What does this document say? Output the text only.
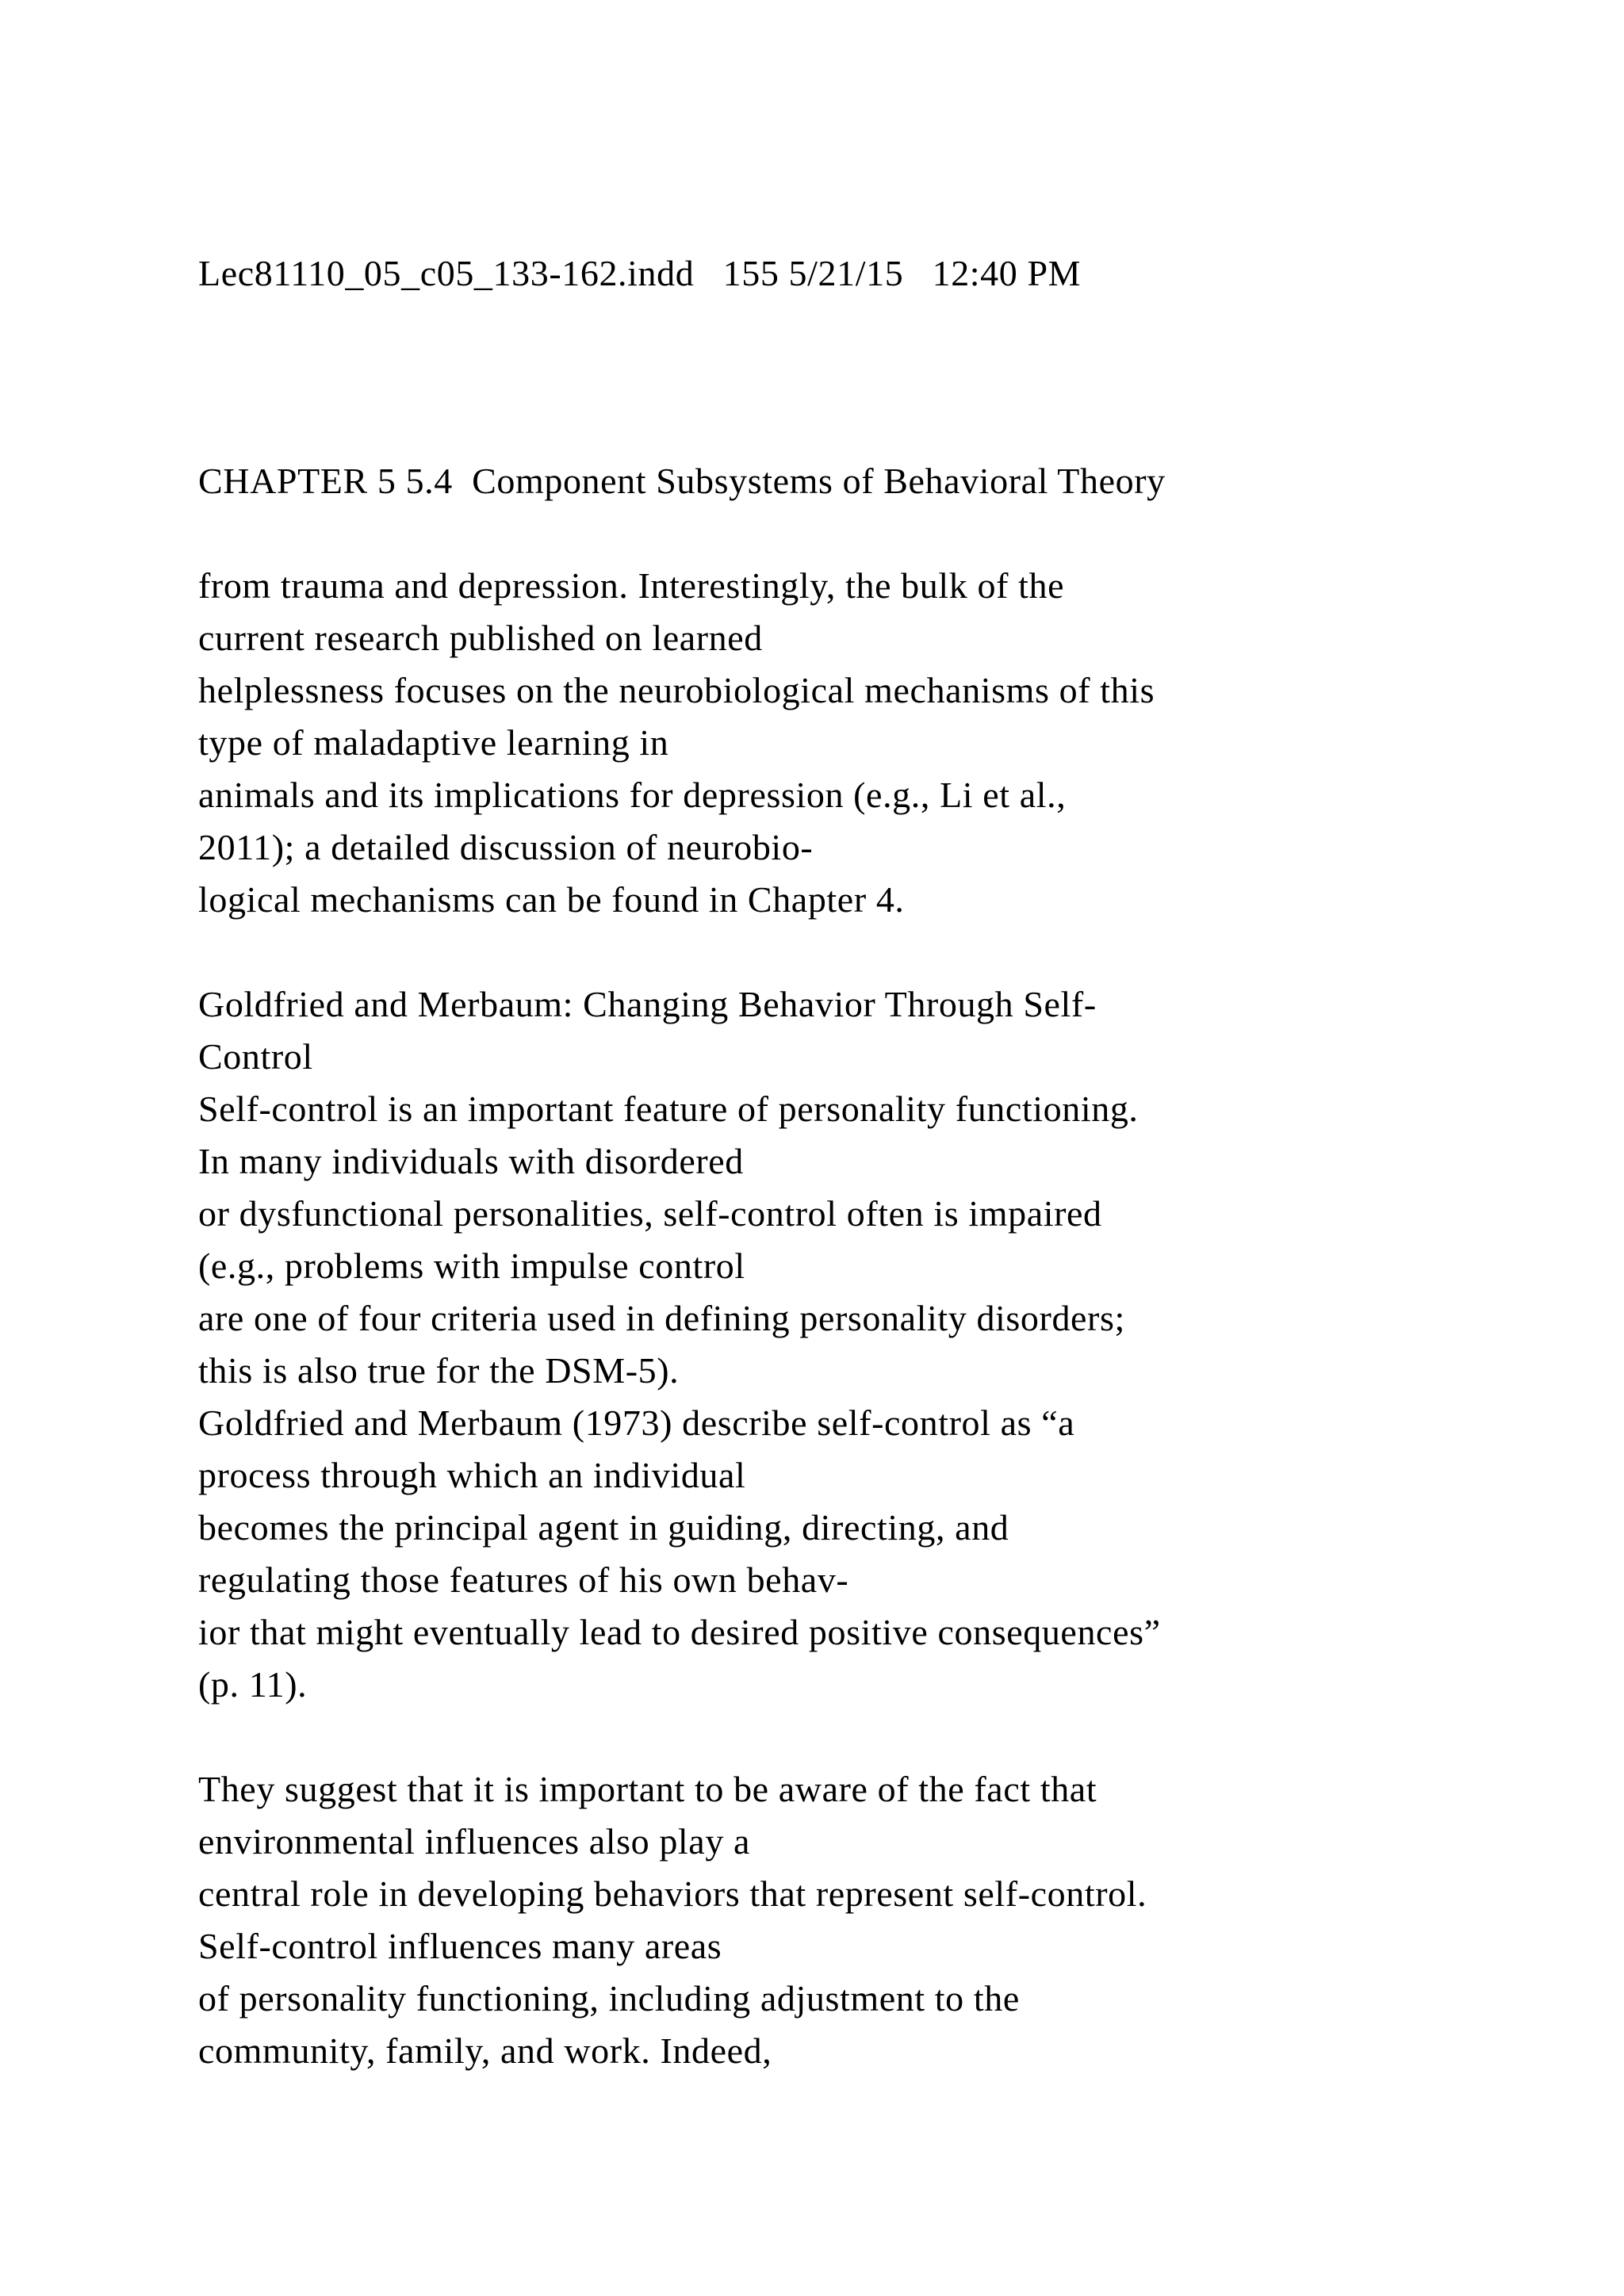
Lec81110_05_c05_133-162.indd   155 5/21/15   12:40 PM

CHAPTER 5 5.4  Component Subsystems of Behavioral Theory

from trauma and depression. Interestingly, the bulk of the

current research published on learned

helplessness focuses on the neurobiological mechanisms of this

type of maladaptive learning in

animals and its implications for depression (e.g., Li et al.,

2011); a detailed discussion of neurobio-

logical mechanisms can be found in Chapter 4.

Goldfried and Merbaum: Changing Behavior Through Self-

Control

Self-control is an important feature of personality functioning.

In many individuals with disordered

or dysfunctional personalities, self-control often is impaired

(e.g., problems with impulse control

are one of four criteria used in defining personality disorders;

this is also true for the DSM-5).

Goldfried and Merbaum (1973) describe self-control as “a

process through which an individual

becomes the principal agent in guiding, directing, and

regulating those features of his own behav-

ior that might eventually lead to desired positive consequences”

(p. 11).

They suggest that it is important to be aware of the fact that

environmental influences also play a

central role in developing behaviors that represent self-control.

Self-control influences many areas

of personality functioning, including adjustment to the

community, family, and work. Indeed,
